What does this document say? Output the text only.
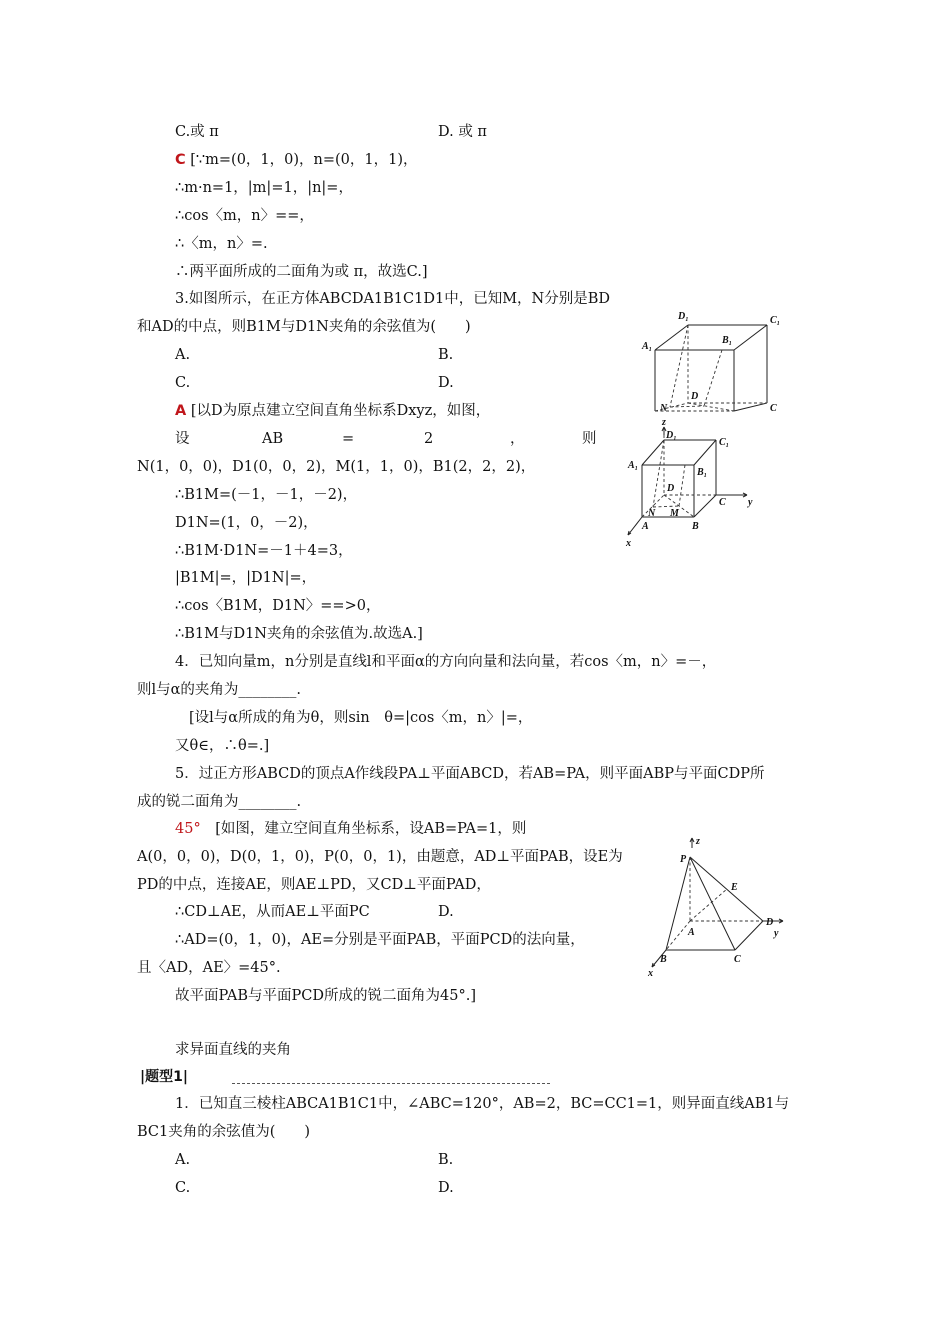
C.或 π	D. 或 π
C [∵m=(0，1，0)，n=(0，1，1)，
∴m·n=1，|m|=1，|n|=，
∴cos〈m，n〉==，
∴〈m，n〉=.
∴两平面所成的二面角为或 π，故选C.]
3.如图所示，在正方体ABCDA1B1C1D1中，已知M，N分别是BD
和AD的中点，则B1M与D1N夹角的余弦值为(　　)
A.	B.
C.	D.
A [以D为原点建立空间直角坐标系Dxyz，如图，
设	AB	=	2	，	则
N(1，0，0)，D1(0，0，2)，M(1，1，0)，B1(2，2，2)，
∴B1M=(－1，－1，－2)，
D1N=(1，0，－2)，
∴B1M·D1N=－1＋4=3，
|B1M|=，|D1N|=，
∴cos〈B1M，D1N〉==>0，
∴B1M与D1N夹角的余弦值为.故选A.]
4．已知向量m，n分别是直线l和平面α的方向向量和法向量，若cos〈m，n〉=－，
则l与α的夹角为________.
[设l与α所成的角为θ，则sin　θ=|cos〈m，n〉|=，
又θ∈，∴θ=.]
5．过正方形ABCD的顶点A作线段PA⊥平面ABCD，若AB=PA，则平面ABP与平面CDP所
成的锐二面角为________.
45°　 [如图，建立空间直角坐标系，设AB=PA=1，则
A(0，0，0)，D(0，1，0)，P(0，0，1)，由题意，AD⊥平面PAB，设E为
PD的中点，连接AE，则AE⊥PD，又CD⊥平面PAD，
∴CD⊥AE，从而AE⊥平面PC	D.
∴AD=(0，1，0)，AE=分别是平面PAB，平面PCD的法向量，
且〈AD，AE〉=45°.
故平面PAB与平面PCD所成的锐二面角为45°.]
求异面直线的夹角
|题型1|
1．已知直三棱柱ABCA1B1C1中，∠ABC=120°，AB=2，BC=CC1=1，则异面直线AB1与
BC1夹角的余弦值为(　　)
A.	B.
C.	D.
D₁	C₁
A₁
B₁
D
N	C
z
D₁
C₁
A₁
B₁
D
C y
N M
A	B
x
z
P
E
D
y
A
B	C
x
